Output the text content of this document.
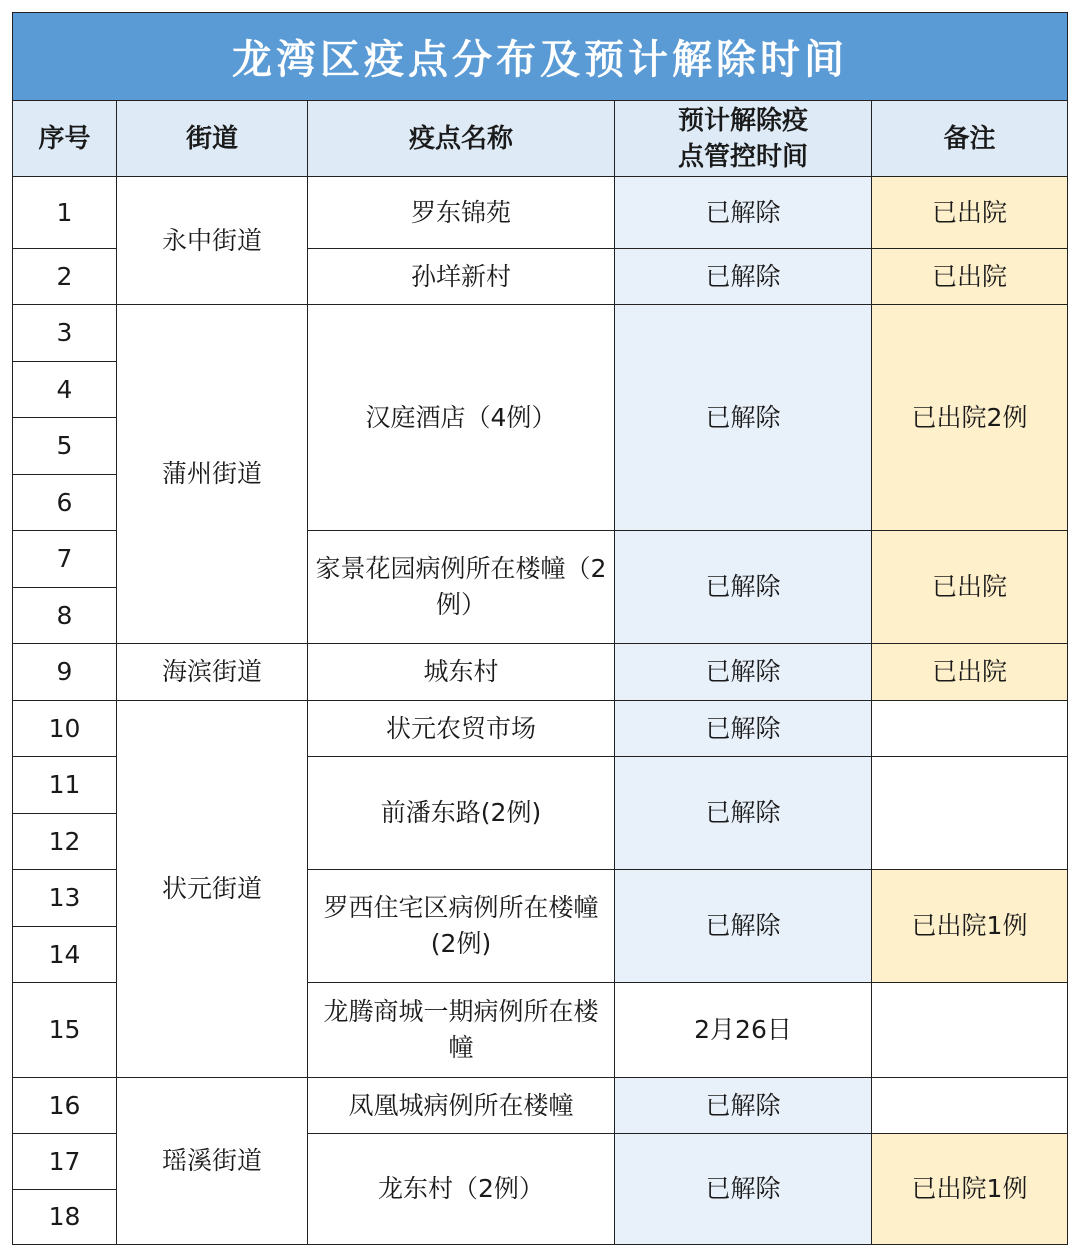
龙湾区疫点分布及预计解除时间
序号	街道	疫点名称
预计解除疫点管控时间
备注
1
2
3
4
5
6
7
8
9
10
11
12
13
14
15
16
17
18
永中街道
蒲州街道
海滨街道
状元街道
瑶溪街道
罗东锦苑
孙垟新村
汉庭酒店（4例）
家景花园病例所在楼幢（2例）
城东村
状元农贸市场
前潘东路(2例)
罗西住宅区病例所在楼幢(2例)
龙腾商城一期病例所在楼幢
凤凰城病例所在楼幢
龙东村（2例）
已解除
已解除
已解除
已解除
已解除
已解除
已解除
已解除
2月26日
已解除
已解除
已出院
已出院
已出院2例
已出院
已出院
已出院1例
已出院1例
